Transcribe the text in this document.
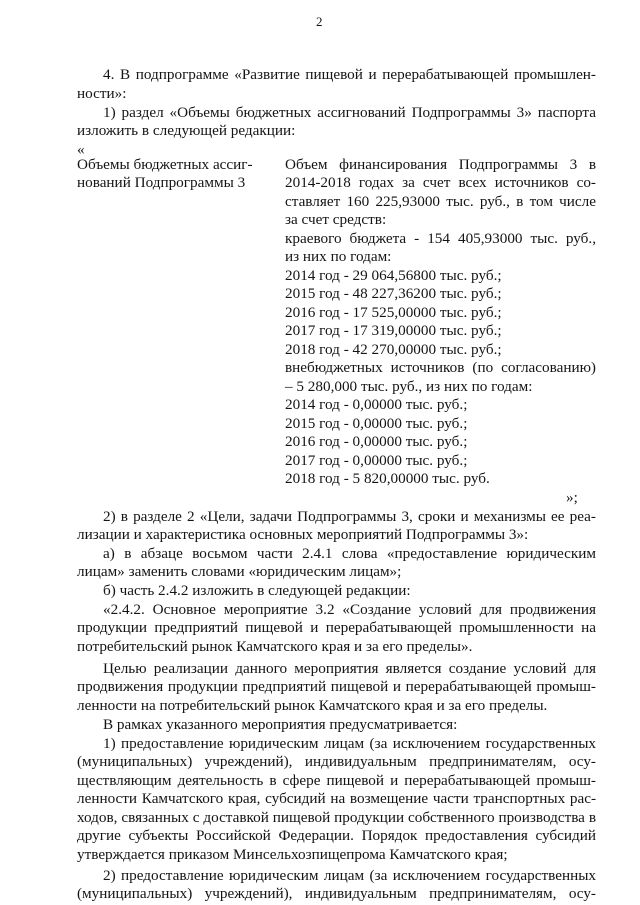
2
4. В подпрограмме «Развитие пищевой и перерабатывающей промышлен-
ности»:
1) раздел «Объемы бюджетных ассигнований Подпрограммы 3» паспорта
изложить в следующей редакции:
«
Объемы бюджетных ассиг-
нований Подпрограммы 3
Объем финансирования Подпрограммы 3 в
2014-2018 годах за счет всех источников со-
ставляет 160 225,93000 тыс. руб., в том числе
за счет средств:
краевого бюджета - 154 405,93000 тыс. руб.,
из них по годам:
2014 год - 29 064,56800 тыс. руб.;
2015 год - 48 227,36200 тыс. руб.;
2016 год - 17 525,00000 тыс. руб.;
2017 год - 17 319,00000 тыс. руб.;
2018 год - 42 270,00000 тыс. руб.;
внебюджетных источников (по согласованию)
– 5 280,000 тыс. руб., из них по годам:
2014 год - 0,00000 тыс. руб.;
2015 год - 0,00000 тыс. руб.;
2016 год - 0,00000 тыс. руб.;
2017 год - 0,00000 тыс. руб.;
2018 год - 5 820,00000 тыс. руб.
»;
2) в разделе 2 «Цели, задачи Подпрограммы 3, сроки и механизмы ее реа-
лизации и характеристика основных мероприятий Подпрограммы 3»:
а) в абзаце восьмом части 2.4.1 слова «предоставление юридическим
лицам» заменить словами «юридическим лицам»;
б) часть 2.4.2 изложить в следующей редакции:
«2.4.2. Основное мероприятие 3.2 «Создание условий для продвижения
продукции предприятий пищевой и перерабатывающей промышленности на
потребительский рынок Камчатского края и за его пределы».
Целью реализации данного мероприятия является создание условий для
продвижения продукции предприятий пищевой и перерабатывающей промыш-
ленности на потребительский рынок Камчатского края и за его пределы.
В рамках указанного мероприятия предусматривается:
1) предоставление юридическим лицам (за исключением государственных
(муниципальных) учреждений), индивидуальным предпринимателям, осу-
ществляющим деятельность в сфере пищевой и перерабатывающей промыш-
ленности Камчатского края, субсидий на возмещение части транспортных рас-
ходов, связанных с доставкой пищевой продукции собственного производства в
другие субъекты Российской Федерации. Порядок предоставления субсидий
утверждается приказом Минсельхозпищепрома Камчатского края;
2) предоставление юридическим лицам (за исключением государственных
(муниципальных) учреждений), индивидуальным предпринимателям, осу-
